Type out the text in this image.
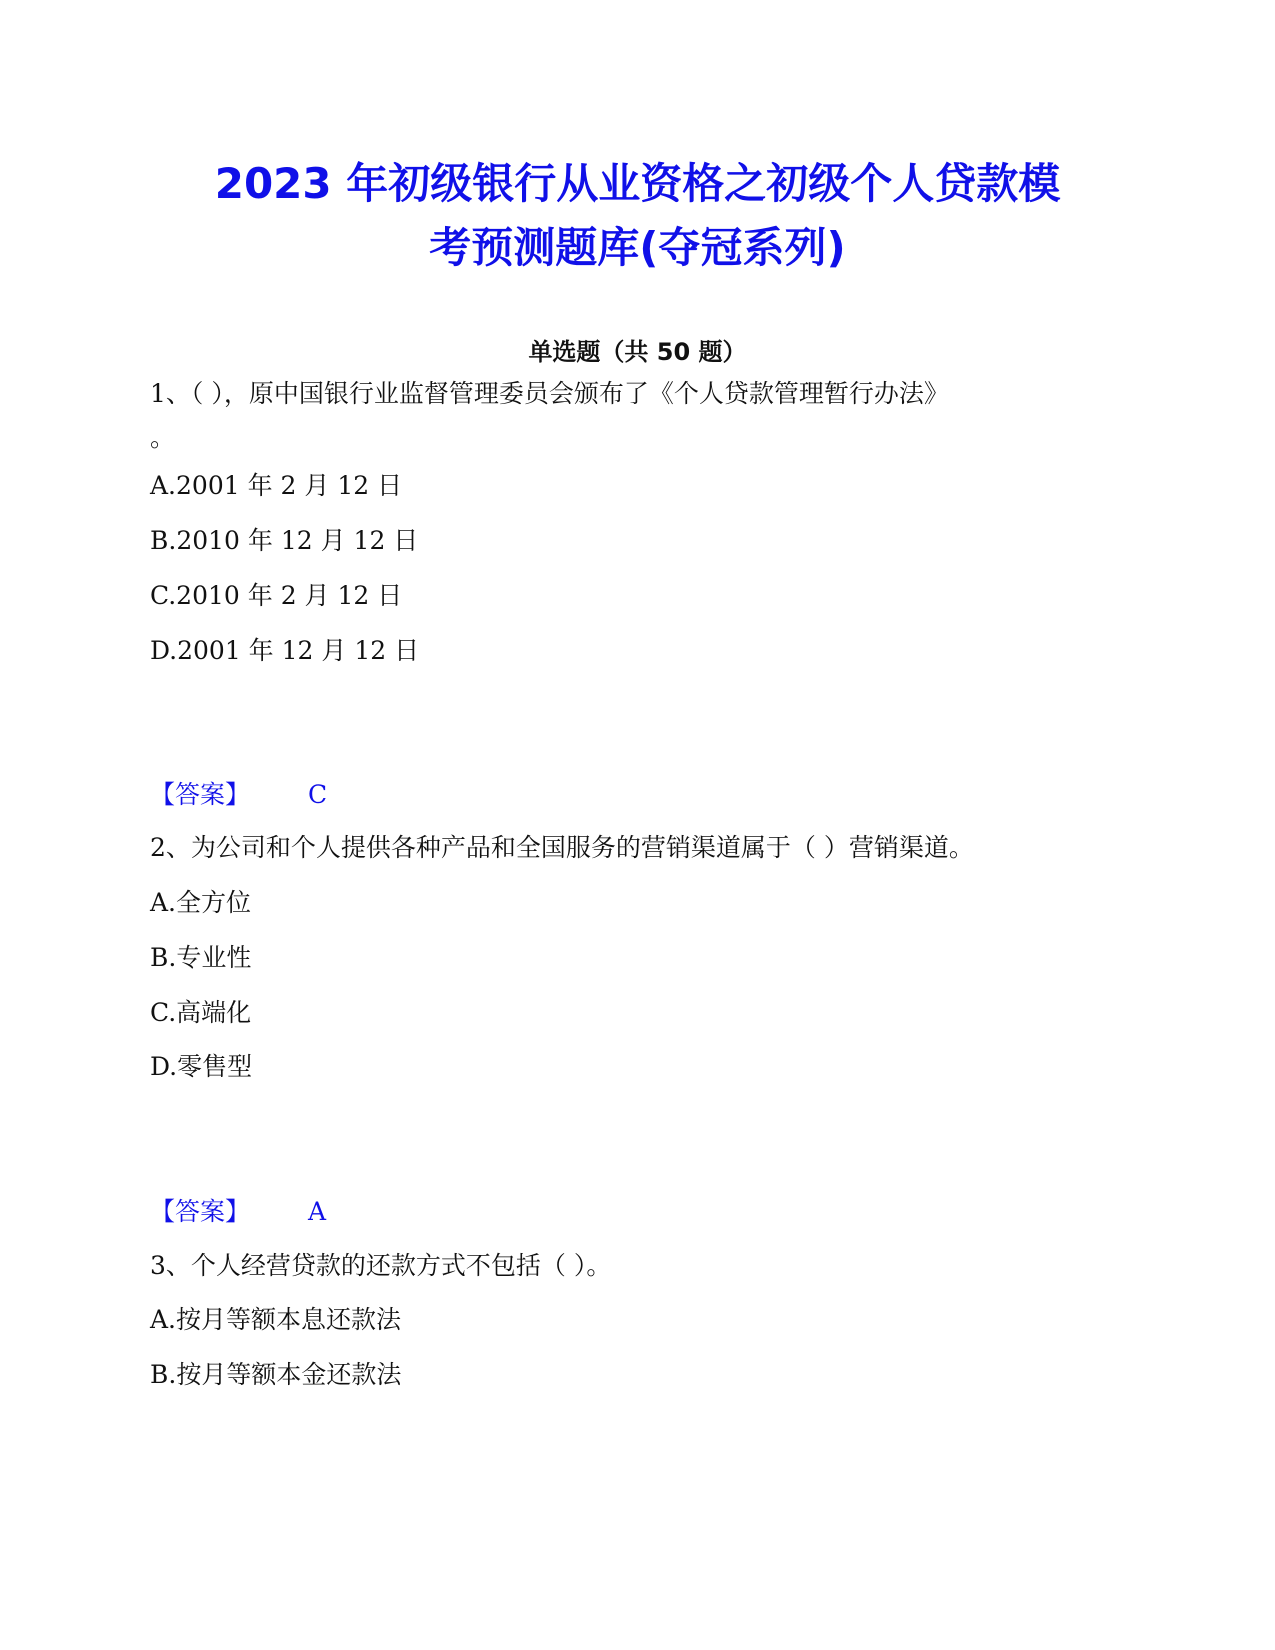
2023 年初级银行从业资格之初级个人贷款模
考预测题库(夺冠系列)
单选题（共 50 题）
1、（ ），原中国银行业监督管理委员会颁布了《个人贷款管理暂行办法》
。
A.2001 年 2 月 12 日
B.2010 年 12 月 12 日
C.2010 年 2 月 12 日
D.2001 年 12 月 12 日
【答案】 C
2、为公司和个人提供各种产品和全国服务的营销渠道属于（ ）营销渠道。
A.全方位
B.专业性
C.高端化
D.零售型
【答案】 A
3、个人经营贷款的还款方式不包括（ ）。
A.按月等额本息还款法
B.按月等额本金还款法
